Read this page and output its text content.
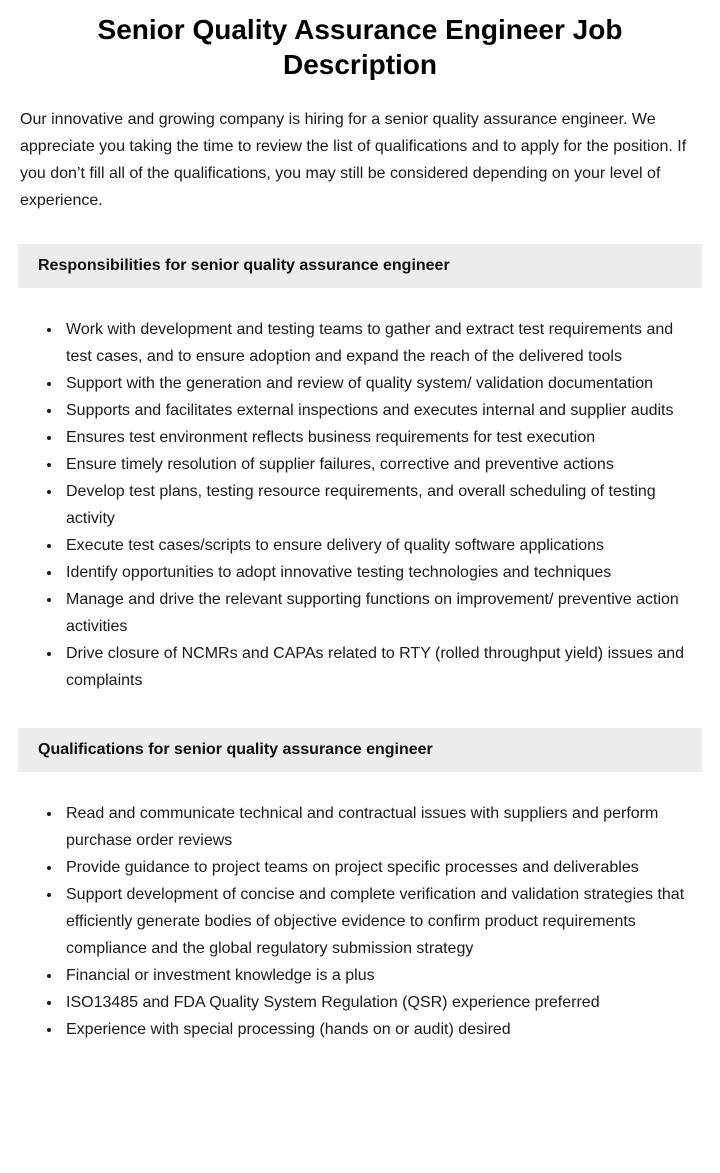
Senior Quality Assurance Engineer Job Description

Our innovative and growing company is hiring for a senior quality assurance engineer. We appreciate you taking the time to review the list of qualifications and to apply for the position. If you don’t fill all of the qualifications, you may still be considered depending on your level of experience.

Responsibilities for senior quality assurance engineer
• Work with development and testing teams to gather and extract test requirements and test cases, and to ensure adoption and expand the reach of the delivered tools
• Support with the generation and review of quality system/ validation documentation
• Supports and facilitates external inspections and executes internal and supplier audits
• Ensures test environment reflects business requirements for test execution
• Ensure timely resolution of supplier failures, corrective and preventive actions
• Develop test plans, testing resource requirements, and overall scheduling of testing activity
• Execute test cases/scripts to ensure delivery of quality software applications
• Identify opportunities to adopt innovative testing technologies and techniques
• Manage and drive the relevant supporting functions on improvement/ preventive action activities
• Drive closure of NCMRs and CAPAs related to RTY (rolled throughput yield) issues and complaints
Qualifications for senior quality assurance engineer
• Read and communicate technical and contractual issues with suppliers and perform purchase order reviews
• Provide guidance to project teams on project specific processes and deliverables
• Support development of concise and complete verification and validation strategies that efficiently generate bodies of objective evidence to confirm product requirements compliance and the global regulatory submission strategy
• Financial or investment knowledge is a plus
• ISO13485 and FDA Quality System Regulation (QSR) experience preferred
• Experience with special processing (hands on or audit) desired
